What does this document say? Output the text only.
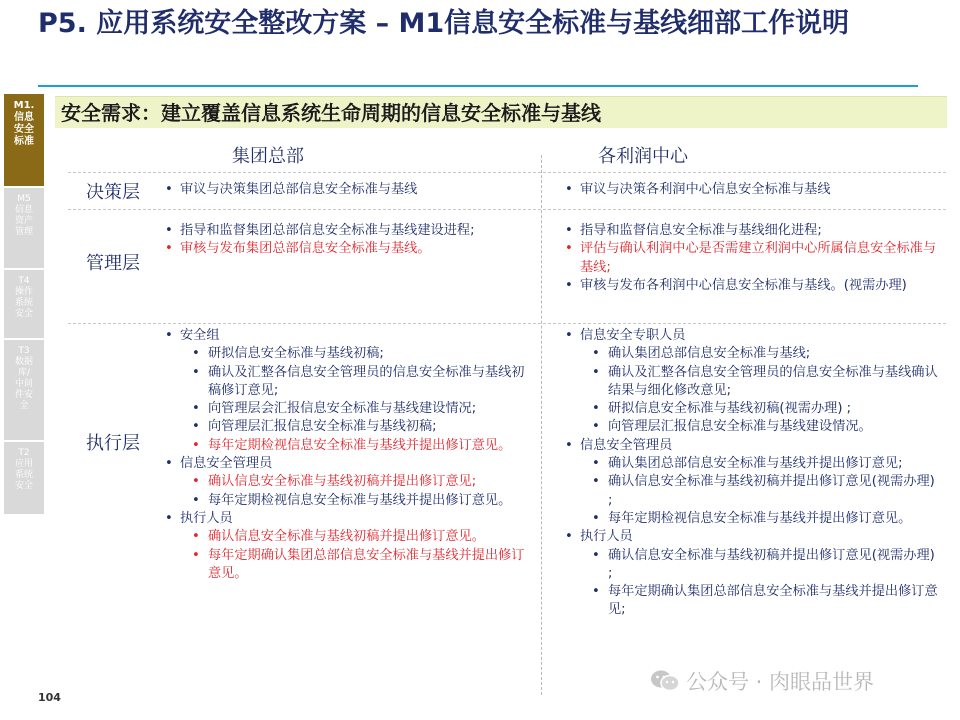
P5. 应用系统安全整改方案 – M1信息安全标准与基线细部工作说明
M1.
信息
安全
标准
M5
信息
资产
管理
T4
操作
系统
安全
T3
数据
库/
中间
件安
全
T2
应用
系统
安全
安全需求：建立覆盖信息系统生命周期的信息安全标准与基线
集团总部	各利润中心
决策层
管理层
执行层
• 审议与决策集团总部信息安全标准与基线
•	审议与决策各利润中心信息安全标准与基线
• 指导和监督集团总部信息安全标准与基线建设进程;
• 审核与发布集团总部信息安全标准与基线。
• 指导和监督信息安全标准与基线细化进程;
• 评估与确认利润中心是否需建立利润中心所属信息安全标准与基线;
• 审核与发布各利润中心信息安全标准与基线。(视需办理)
• 安全组
• 研拟信息安全标准与基线初稿;
• 确认及汇整各信息安全管理员的信息安全标准与基线初稿修订意见;
• 向管理层会汇报信息安全标准与基线建设情况;
• 向管理层汇报信息安全标准与基线初稿;
• 每年定期检视信息安全标准与基线并提出修订意见。
• 信息安全管理员
• 确认信息安全标准与基线初稿并提出修订意见;
• 每年定期检视信息安全标准与基线并提出修订意见。
• 执行人员
• 确认信息安全标准与基线初稿并提出修订意见。
• 每年定期确认集团总部信息安全标准与基线并提出修订意见。
• 信息安全专职人员
• 确认集团总部信息安全标准与基线;
• 确认及汇整各信息安全管理员的信息安全标准与基线确认结果与细化修改意见;
• 研拟信息安全标准与基线初稿(视需办理) ;
• 向管理层汇报信息安全标准与基线建设情况。
• 信息安全管理员
• 确认集团总部信息安全标准与基线并提出修订意见;
• 确认信息安全标准与基线初稿并提出修订意见(视需办理) ;
• 每年定期检视信息安全标准与基线并提出修订意见。
• 执行人员
• 确认信息安全标准与基线初稿并提出修订意见(视需办理) ;
• 每年定期确认集团总部信息安全标准与基线并提出修订意见;
104
公众号 · 肉眼品世界
